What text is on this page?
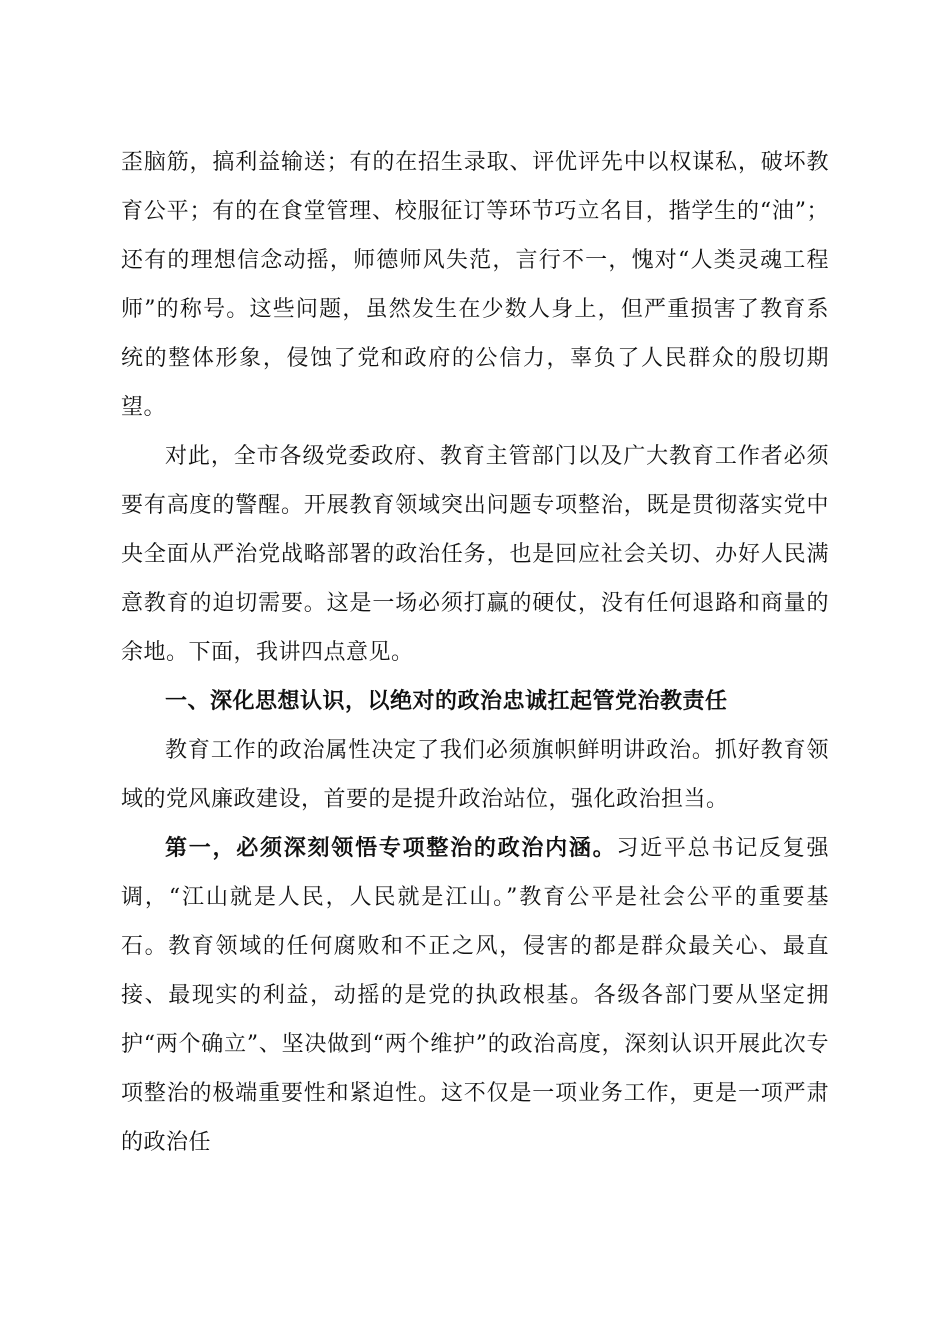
歪脑筋，搞利益输送；有的在招生录取、评优评先中以权谋私，破坏教育公平；有的在食堂管理、校服征订等环节巧立名目，揩学生的“油”；还有的理想信念动摇，师德师风失范，言行不一，愧对“人类灵魂工程师”的称号。这些问题，虽然发生在少数人身上，但严重损害了教育系统的整体形象，侵蚀了党和政府的公信力，辜负了人民群众的殷切期望。

对此，全市各级党委政府、教育主管部门以及广大教育工作者必须要有高度的警醒。开展教育领域突出问题专项整治，既是贯彻落实党中央全面从严治党战略部署的政治任务，也是回应社会关切、办好人民满意教育的迫切需要。这是一场必须打赢的硬仗，没有任何退路和商量的余地。下面，我讲四点意见。

一、深化思想认识，以绝对的政治忠诚扛起管党治教责任

教育工作的政治属性决定了我们必须旗帜鲜明讲政治。抓好教育领域的党风廉政建设，首要的是提升政治站位，强化政治担当。

第一，必须深刻领悟专项整治的政治内涵。习近平总书记反复强调，“江山就是人民，人民就是江山。”教育公平是社会公平的重要基石。教育领域的任何腐败和不正之风，侵害的都是群众最关心、最直接、最现实的利益，动摇的是党的执政根基。各级各部门要从坚定拥护“两个确立”、坚决做到“两个维护”的政治高度，深刻认识开展此次专项整治的极端重要性和紧迫性。这不仅是一项业务工作，更是一项严肃的政治任
